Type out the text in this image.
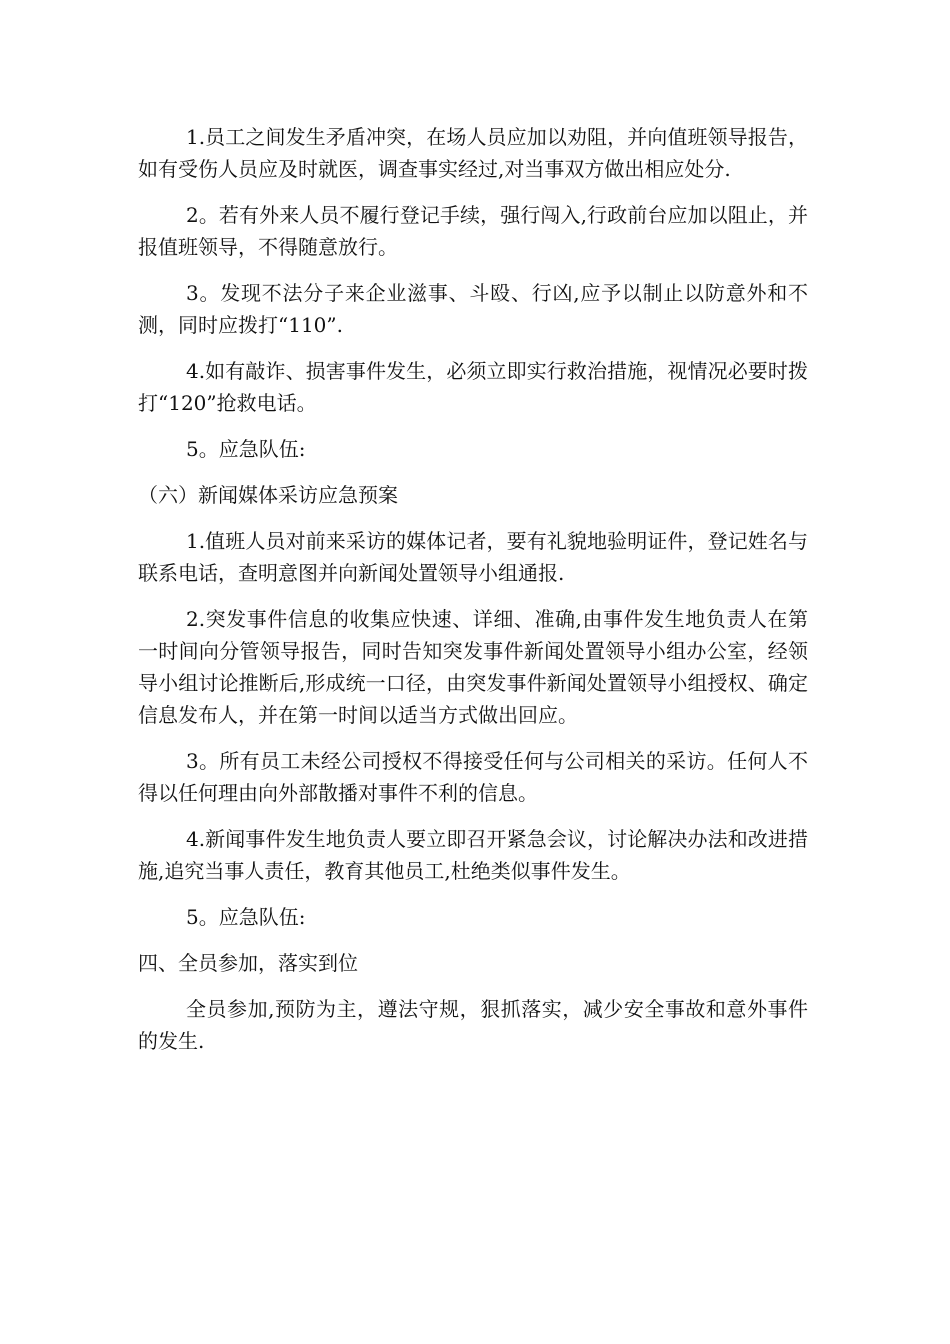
1.员工之间发生矛盾冲突，在场人员应加以劝阻，并向值班领导报告，如有受伤人员应及时就医，调查事实经过,对当事双方做出相应处分.

2。若有外来人员不履行登记手续，强行闯入,行政前台应加以阻止，并报值班领导，不得随意放行。

3。发现不法分子来企业滋事、斗殴、行凶,应予以制止以防意外和不测，同时应拨打“110”.

4.如有敲诈、损害事件发生，必须立即实行救治措施，视情况必要时拨打“120”抢救电话。

5。应急队伍:

（六）新闻媒体采访应急预案

1.值班人员对前来采访的媒体记者，要有礼貌地验明证件，登记姓名与联系电话，查明意图并向新闻处置领导小组通报.

2.突发事件信息的收集应快速、详细、准确,由事件发生地负责人在第一时间向分管领导报告，同时告知突发事件新闻处置领导小组办公室，经领导小组讨论推断后,形成统一口径，由突发事件新闻处置领导小组授权、确定信息发布人，并在第一时间以适当方式做出回应。

3。所有员工未经公司授权不得接受任何与公司相关的采访。任何人不得以任何理由向外部散播对事件不利的信息。

4.新闻事件发生地负责人要立即召开紧急会议，讨论解决办法和改进措施,追究当事人责任，教育其他员工,杜绝类似事件发生。

5。应急队伍:

四、全员参加，落实到位

全员参加,预防为主，遵法守规，狠抓落实，减少安全事故和意外事件的发生.
